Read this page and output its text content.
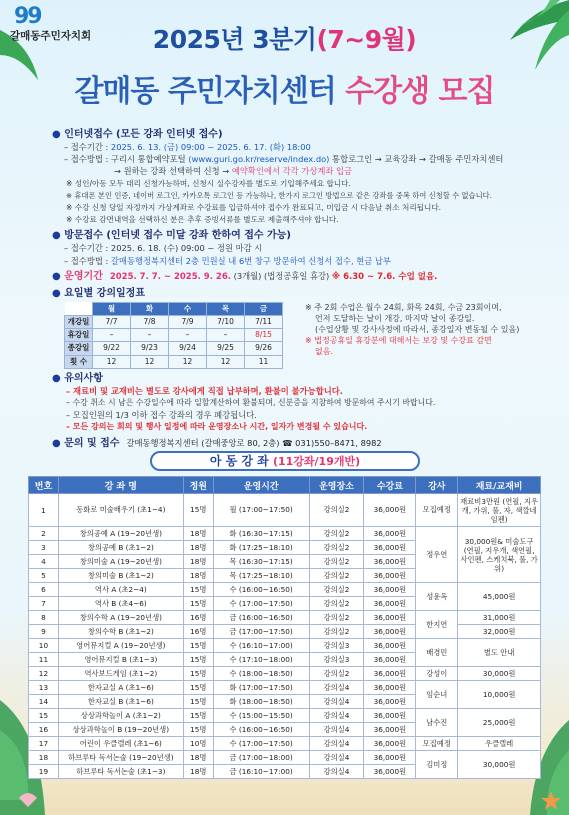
99
갈매동주민자치회	2025년 3분기(7~9월)
갈매동 주민자치센터 수강생 모집
● 인터넷접수 (모든 강좌 인터넷 접수)
– 접수기간 : 2025. 6. 13. (금) 09:00 ~ 2025. 6. 17. (화) 18:00
– 접수방법 : 구리시 통합예약포털 (www.guri.go.kr/reserve/index.do) 통합로그인 → 교육강좌 → 갈매동 주민자치센터
→ 원하는 강좌 선택하여 신청 → 예약확인에서 각각 가상계좌 입금
※ 성인/아동 모두 대리 신청가능하며, 신청시 실수강자를 별도로 기입해주세요 합니다.
※ 휴대폰 본인 인증, 네이버 로그인, 카카오톡 로그인 등 가능하나, 한가지 로그인 방법으로 같은 강좌를 중복 하여 신청할 수 없습니다.
※ 수강 신청 당일 자정까지 가상계좌로 수강료를 입금하셔야 접수가 완료되고, 미입금 시 다음날 취소 처리됩니다.
※ 수강료 감면내역을 선택하신 분은 추후 증빙서류를 별도로 제출해주셔야 합니다.
● 방문접수 (인터넷 접수 미달 강좌 한하여 접수 가능)
– 접수기간 : 2025. 6. 18. (수) 09:00 ~ 정원 마감 시
– 접수방법 : 갈매동행정복지센터 2층 민원실 내 6번 창구 방문하여 신청서 접수, 현금 납부
● 운영기간 2025. 7. 7. ~ 2025. 9. 26. (3개월) (법정공휴일 휴강) ※ 6.30 ~ 7.6. 수업 없음.
● 요일별 강의일정표
	월	화	수	목	금
개강일	7/7	7/8	7/9	7/10	7/11
휴강일	–	–	–	–	8/15
종강일	9/22	9/23	9/24	9/25	9/26
횟 수	12	12	12	12	11
※ 주 2회 수업은 월수 24회, 화목 24회, 수금 23회이며,
언저 도달하는 날이 개강, 마지막 날이 종강일.
(수업상황 및 강사사정에 따라서, 종강일자 변동될 수 있음)
※ 법정공휴일 휴강분에 대해서는 보강 및 수강료 감면
없음.
● 유의사항
– 재료비 및 교재비는 별도로 강사에게 직접 납부하며, 환불이 불가능합니다.
– 수강 취소 시 남은 수강일수에 따라 일할계산하여 환불되며, 신분증을 지참하여 방문하여 주시기 바랍니다.
– 모집인원의 1/3 이하 접수 강좌의 경우 폐강됩니다.
– 모든 강의는 회의 및 행사 일정에 따라 운영장소나 시간, 일자가 변경될 수 있습니다.
● 문의 및 접수 갈매동행정복지센터 (갈매중앙로 80, 2층) ☎ 031)550–8471, 8982
아 동 강 좌 (11강좌/19개반)
번호	강 좌 명	정원	운영시간	운영장소	수강료	강사	재료/교재비
1	동화로 미술배우기 (초1~4)	15명	월 (17:00~17:50)	강의실2	36,000원	모집예정	재료비3만원 (연필, 지우개, 가위, 풀, 자, 색깔네임펜)
2	창의공예 A (19~20년생)	18명	화 (16:30~17:15)	강의실2	36,000원	정우연	30,000원& 미술도구 (연필, 지우개, 색연필, 사인펜, 스케치북, 풀, 가위)
3	창의공예 B (초1~2)	18명	화 (17:25~18:10)	강의실2	36,000원		
4	창의미술 A (19~20년생)	18명	목 (16:30~17:15)	강의실2	36,000원		
5	창의미술 B (초1~2)	18명	목 (17:25~18:10)	강의실2	36,000원		
6	역사 A (초2~4)	15명	수 (16:00~16:50)	강의실2	36,000원	성윤옥	45,000원
7	역사 B (초4~6)	15명	수 (17:00~17:50)	강의실2	36,000원		
8	창의수학 A (19~20년생)	16명	금 (16:00~16:50)	강의실2	36,000원	한지연	31,000원
9	창의수학 B (초1~2)	16명	금 (17:00~17:50)	강의실2	36,000원		32,000원
10	영어뮤지컬 A (19~20년생)	15명	수 (16:10~17:00)	강의실3	36,000원	배경민	별도 안내
11	영어뮤지컬 B (초1~3)	15명	수 (17:10~18:00)	강의실3	36,000원		
12	역사보드게임 (초1~2)	15명	수 (18:00~18:50)	강의실2	36,000원	강성이	30,000원
13	한자교실 A (초1~6)	15명	화 (17:00~17:50)	강의실4	36,000원	임순녀	10,000원
14	한자교실 B (초1~6)	15명	화 (18:00~18:50)	강의실4	36,000원		
15	상상과학놀이 A (초1~2)	15명	수 (15:00~15:50)	강의실4	36,000원	남수진	25,000원
16	상상과학놀이 B (19~20년생)	15명	수 (16:00~16:50)	강의실4	36,000원		
17	어린이 우클렐레 (초1~6)	10명	수 (17:00~17:50)	강의실4	36,000원	모집예정	우클렐레
18	하브루타 독서논술 (19~20년생)	18명	금 (17:00~18:00)	강의실4	36,000원	김미정	30,000원
19	하브루타 독서논술 (초1~3)	18명	금 (16:10~17:00)	강의실4	36,000원		
